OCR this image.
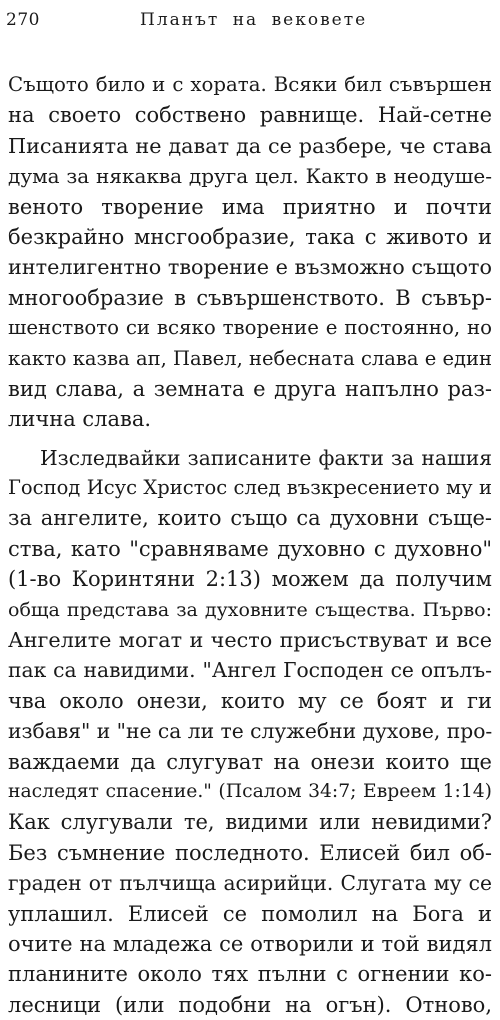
270	Планът на вековете
Същото било и с хората. Всяки бил съвършен
на своето собствено равнище. Най-сетне
Писанията не дават да се разбере, че става
дума за някаква друга цел. Както в неодуше-
веното творение има приятно и почти
безкрайно мнсгообразие, така с живото и
интелигентно творение е възможно същото
многообразие в съвършенството. В съвър-
шенството си всяко творение е постоянно, но
както казва ап, Павел, небесната слава е един
вид слава, а земната е друга напълно раз-
лична слава.
Изследвайки записаните факти за нашия
Господ Исус Христос след възкресението му и
за ангелите, които също са духовни съще-
ства, като "сравняваме духовно с духовно"
(1-во Коринтяни 2:13) можем да получим
обща представа за духовните същества. Първо:
Ангелите могат и често присъствуват и все
пак са навидими. "Ангел Господен се опълъ-
чва около онези, които му се боят и ги
избавя" и "не са ли те служебни духове, про-
важдаеми да слугуват на онези които ще
наследят спасение." (Псалом 34:7; Евреем 1:14)
Как слугували те, видими или невидими?
Без съмнение последното. Елисей бил об-
граден от пълчища асирийци. Слугата му се
уплашил. Елисей се помолил на Бога и
очите на младежа се отворили и той видял
планините около тях пълни с огнении ко-
лесници (или подобни на огън). Отново,
